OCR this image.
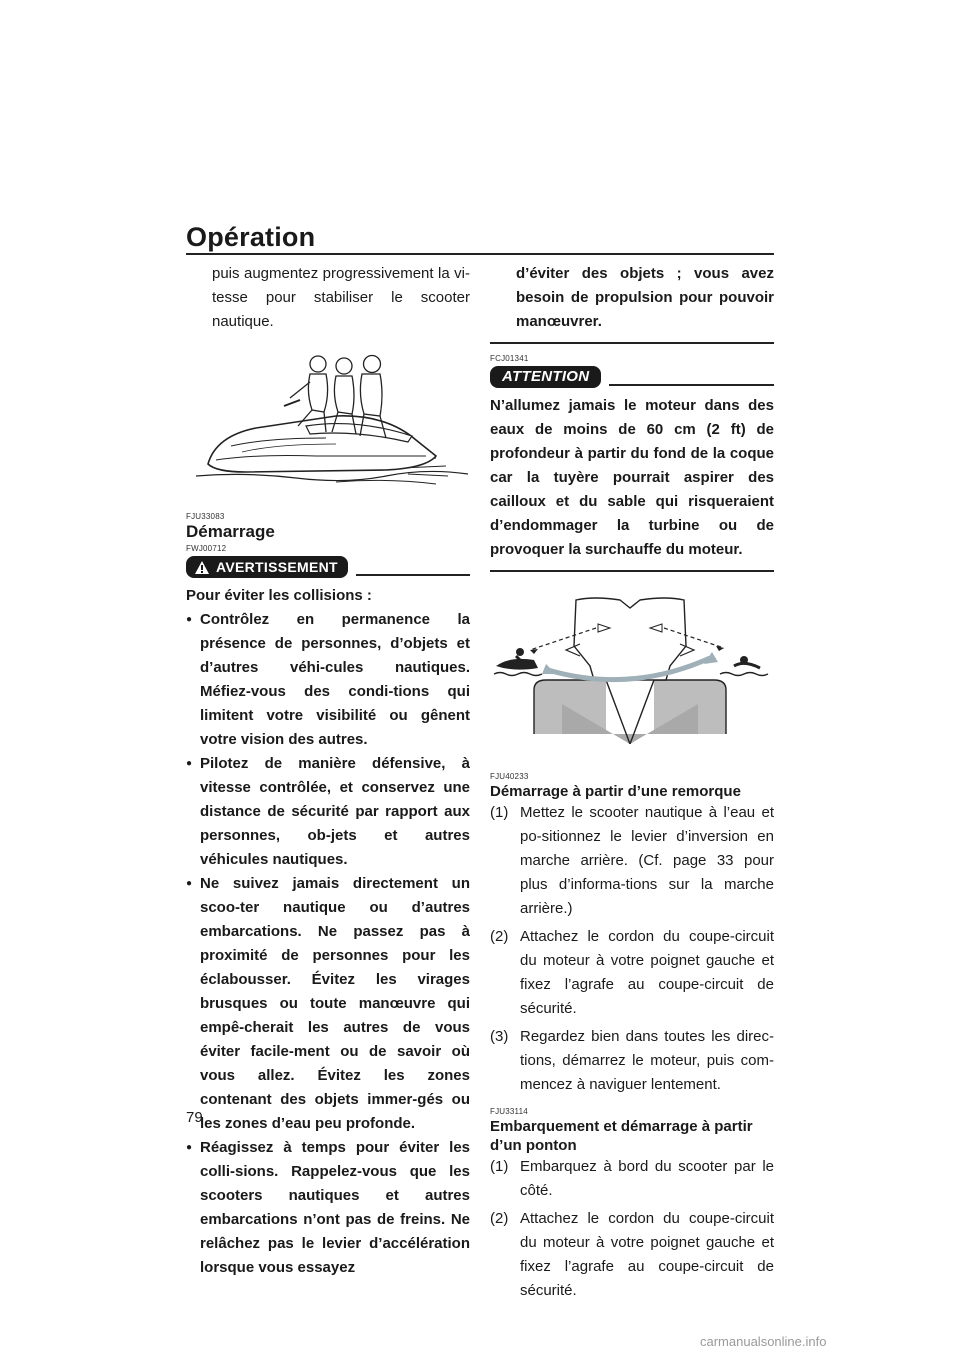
Opération

puis augmentez progressivement la vi-tesse pour stabiliser le scooter nautique.

FJU33083
Démarrage
FWJ00712
AVERTISSEMENT

Pour éviter les collisions :

● Contrôlez en permanence la présence de personnes, d’objets et d’autres véhi-cules nautiques. Méfiez-vous des condi-tions qui limitent votre visibilité ou gênent votre vision des autres.
● Pilotez de manière défensive, à vitesse contrôlée, et conservez une distance de sécurité par rapport aux personnes, ob-jets et autres véhicules nautiques.
● Ne suivez jamais directement un scoo-ter nautique ou d’autres embarcations. Ne passez pas à proximité de personnes pour les éclabousser. Évitez les virages brusques ou toute manœuvre qui empê-cherait les autres de vous éviter facile-ment ou de savoir où vous allez. Évitez les zones contenant des objets immer-gés ou les zones d’eau peu profonde.
● Réagissez à temps pour éviter les colli-sions. Rappelez-vous que les scooters nautiques et autres embarcations n’ont pas de freins. Ne relâchez pas le levier d’accélération lorsque vous essayez

d’éviter des objets ; vous avez besoin de propulsion pour pouvoir manœuvrer.

FCJ01341
ATTENTION

N’allumez jamais le moteur dans des eaux de moins de 60 cm (2 ft) de profondeur à partir du fond de la coque car la tuyère pourrait aspirer des cailloux et du sable qui risqueraient d’endommager la turbine ou de provoquer la surchauffe du moteur.

FJU40233
Démarrage à partir d’une remorque
(1) Mettez le scooter nautique à l’eau et po-sitionnez le levier d’inversion en marche arrière. (Cf. page 33 pour plus d’informa-tions sur la marche arrière.)
(2) Attachez le cordon du coupe-circuit du moteur à votre poignet gauche et fixez l’agrafe au coupe-circuit de sécurité.
(3) Regardez bien dans toutes les direc-tions, démarrez le moteur, puis com-mencez à naviguer lentement.
FJU33114
Embarquement et démarrage à partir d’un ponton
(1) Embarquez à bord du scooter par le côté.
(2) Attachez le cordon du coupe-circuit du moteur à votre poignet gauche et fixez l’agrafe au coupe-circuit de sécurité.
79
carmanualsonline.info
